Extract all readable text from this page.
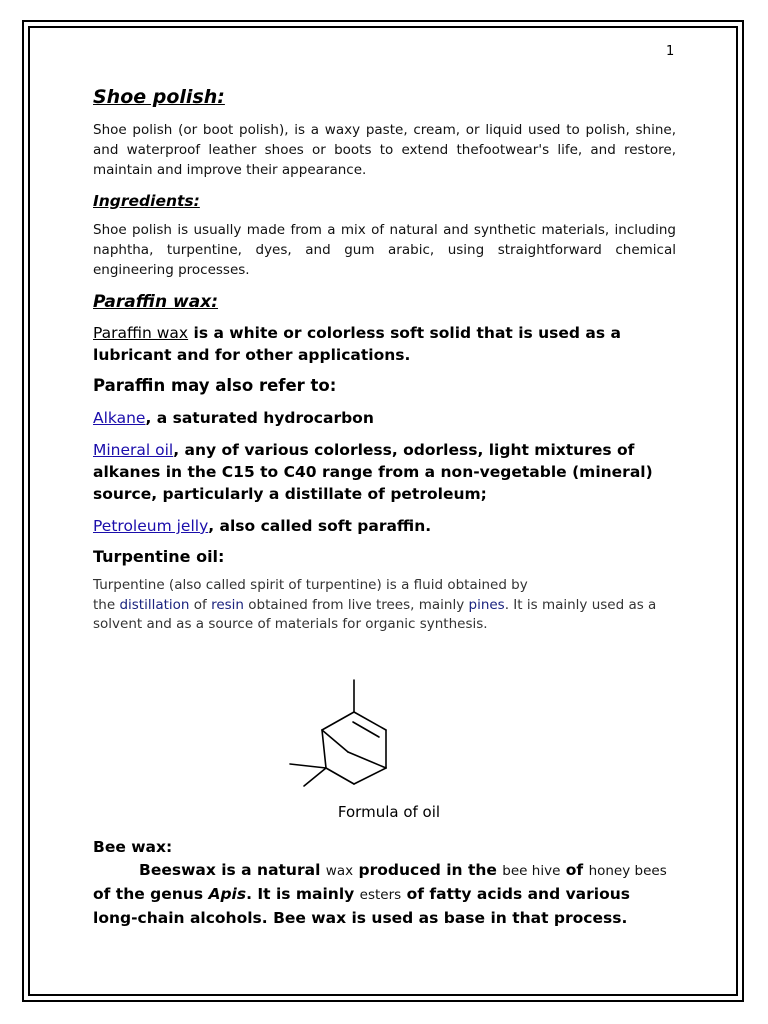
1
Shoe polish:

Shoe polish (or boot polish), is a waxy paste, cream, or liquid used to polish, shine, and waterproof leather shoes or boots to extend thefootwear's life, and restore, maintain and improve their appearance.

Ingredients:

Shoe polish is usually made from a mix of natural and synthetic materials, including naphtha, turpentine, dyes, and gum arabic, using straightforward chemical engineering processes.

Paraffin wax:

Paraffin wax is a white or colorless soft solid that is used as a lubricant and for other applications.

Paraffin may also refer to:

Alkane, a saturated hydrocarbon

Mineral oil, any of various colorless, odorless, light mixtures of alkanes in the C15 to C40 range from a non-vegetable (mineral) source, particularly a distillate of petroleum;

Petroleum jelly, also called soft paraffin.

Turpentine oil:

Turpentine (also called spirit of turpentine) is a fluid obtained by
the distillation of resin obtained from live trees, mainly pines. It is mainly used as a solvent and as a source of materials for organic synthesis.

Formula of oil

Bee wax:

Beeswax is a natural wax produced in the bee hive of honey bees of the genus Apis. It is mainly esters of fatty acids and various long-chain alcohols. Bee wax is used as base in that process.
